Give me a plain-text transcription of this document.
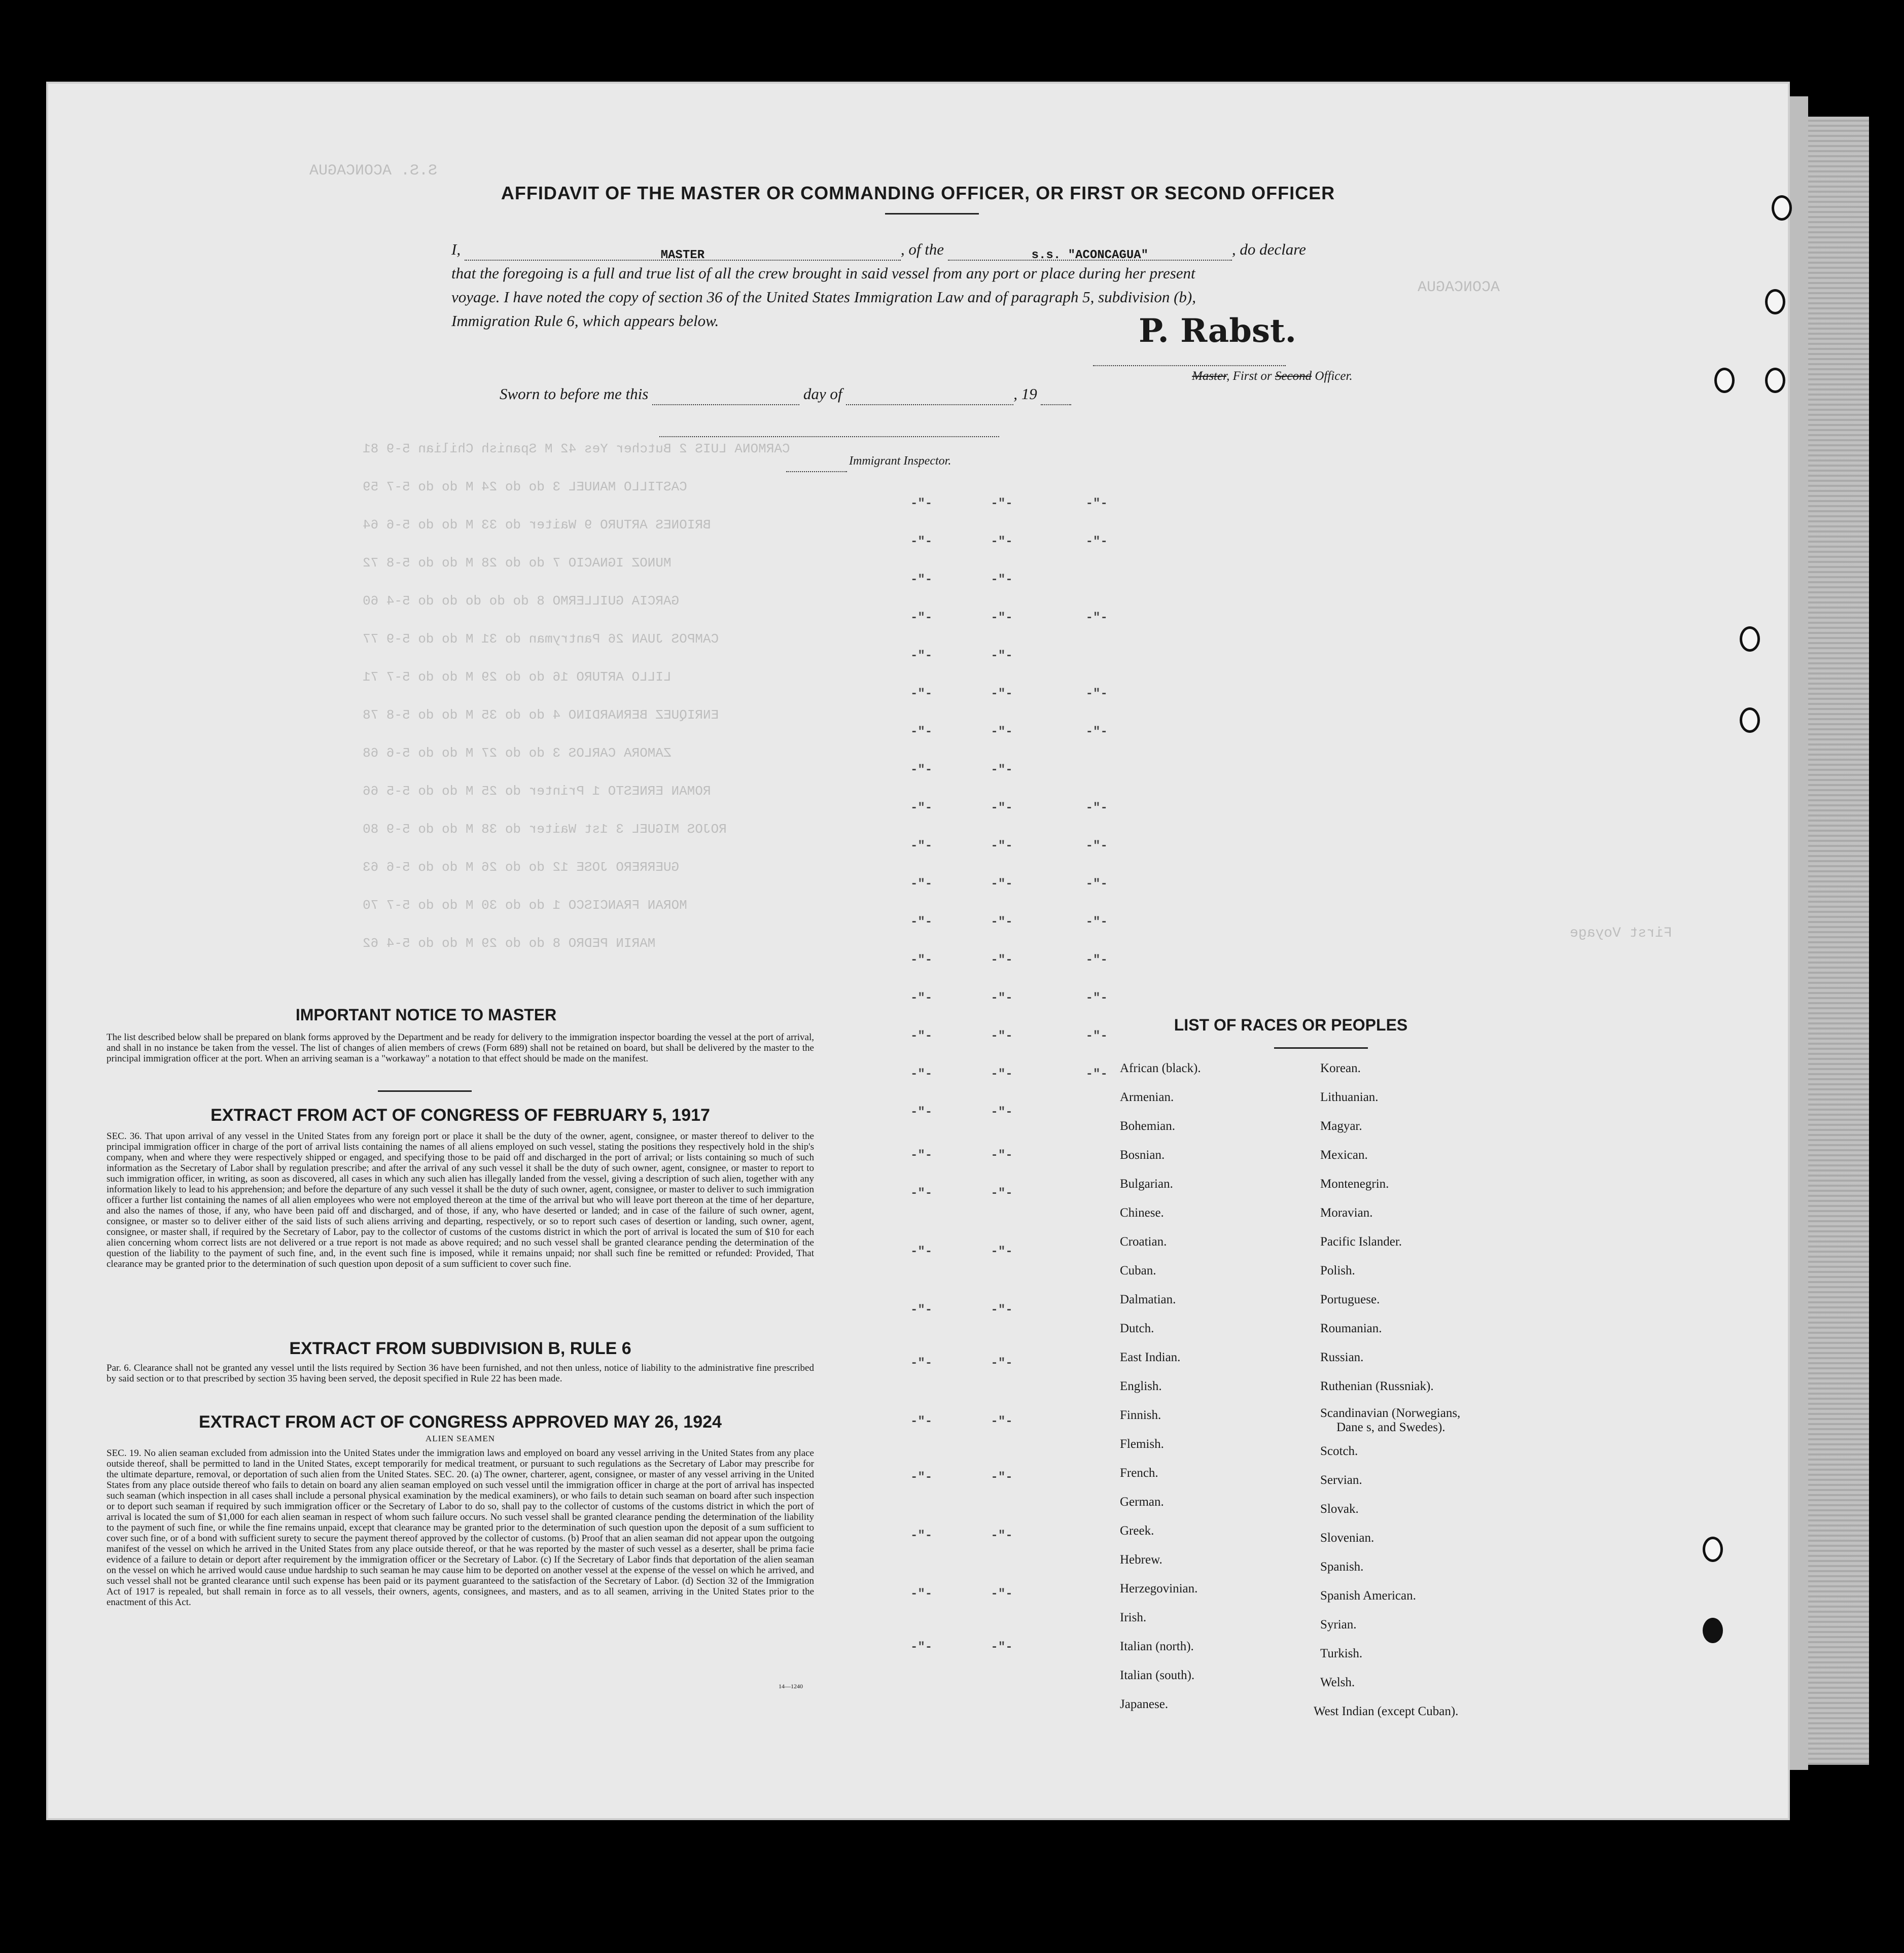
S.S. ACONCAGUA
ACONCAGUA
First Voyage
CARMONA LUIS 2 Butcher Yes 42 M Spanish Chilian 5-9 81
CASTILLO MANUEL 3 do do 24 M do do 5-7 59
BRIONES ARTURO 9 Waiter do 33 M do do 5-6 64
MUNOZ IGNACIO 7 do do 28 M do do 5-8 72
GARCIA GUILLERMO 8 do do do do do 5-4 60
CAMPOS JUAN 26 Pantryman do 31 M do do 5-9 77
LILLO ARTURO 16 do do 29 M do do 5-7 71
ENRIQUEZ BERNARDINO 4 do do 35 M do do 5-8 78
ZAMORA CARLOS 3 do do 27 M do do 5-6 68
ROMAN ERNESTO 1 Printer do 25 M do do 5-5 66
ROJOS MIGUEL 3 1st Waiter do 38 M do do 5-9 80
GUERRERO JOSE 12 do do 26 M do do 5-6 63
MORAN FRANCISCO 1 do do 30 M do do 5-7 70
MARIN PEDRO 8 do do 29 M do do 5-4 62
-"-        -"-          -"-
-"-        -"-          -"-
-"-        -"-
-"-        -"-          -"-
-"-        -"-
-"-        -"-          -"-
-"-        -"-          -"-
-"-        -"-
-"-        -"-          -"-
-"-        -"-          -"-
-"-        -"-          -"-
-"-        -"-          -"-
-"-        -"-          -"-
-"-        -"-          -"-
-"-        -"-          -"-
-"-        -"-          -"-
-"-        -"-
-"-        -"-
-"-        -"-
-"-        -"-
-"-        -"-
-"-        -"-
-"-        -"-
-"-        -"-
-"-        -"-
-"-        -"-
-"-        -"-
AFFIDAVIT OF THE MASTER OR COMMANDING OFFICER, OR FIRST OR SECOND OFFICER
I,	MASTER	, of the	s.s. "ACONCAGUA"	, do declare
that the foregoing is a full and true list of all the crew brought in said vessel from any port or place during her present
voyage. I have noted the copy of section 36 of the United States Immigration Law and of paragraph 5, subdivision (b),
Immigration Rule 6, which appears below.	P. Rabst.
Master, First or Second Officer.
Sworn to before me this	day of	, 19
Immigrant Inspector.
IMPORTANT NOTICE TO MASTER
The list described below shall be prepared on blank forms approved by the Department and be ready for delivery to the immigration inspector boarding the vessel at the port of arrival, and shall in no instance be taken from the vessel. The list of changes of alien members of crews (Form 689) shall not be retained on board, but shall be delivered by the master to the principal immigration officer at the port. When an arriving seaman is a "workaway" a notation to that effect should be made on the manifest.
EXTRACT FROM ACT OF CONGRESS OF FEBRUARY 5, 1917
SEC. 36. That upon arrival of any vessel in the United States from any foreign port or place it shall be the duty of the owner, agent, consignee, or master thereof to deliver to the principal immigration officer in charge of the port of arrival lists containing the names of all aliens employed on such vessel, stating the positions they respectively hold in the ship's company, when and where they were respectively shipped or engaged, and specifying those to be paid off and discharged in the port of arrival; or lists containing so much of such information as the Secretary of Labor shall by regulation prescribe; and after the arrival of any such vessel it shall be the duty of such owner, agent, consignee, or master to report to such immigration officer, in writing, as soon as discovered, all cases in which any such alien has illegally landed from the vessel, giving a description of such alien, together with any information likely to lead to his apprehension; and before the departure of any such vessel it shall be the duty of such owner, agent, consignee, or master to deliver to such immigration officer a further list containing the names of all alien employees who were not employed thereon at the time of the arrival but who will leave port thereon at the time of her departure, and also the names of those, if any, who have been paid off and discharged, and of those, if any, who have deserted or landed; and in case of the failure of such owner, agent, consignee, or master so to deliver either of the said lists of such aliens arriving and departing, respectively, or so to report such cases of desertion or landing, such owner, agent, consignee, or master shall, if required by the Secretary of Labor, pay to the collector of customs of the customs district in which the port of arrival is located the sum of $10 for each alien concerning whom correct lists are not delivered or a true report is not made as above required; and no such vessel shall be granted clearance pending the determination of the question of the liability to the payment of such fine, and, in the event such fine is imposed, while it remains unpaid; nor shall such fine be remitted or refunded: Provided, That clearance may be granted prior to the determination of such question upon deposit of a sum sufficient to cover such fine.
EXTRACT FROM SUBDIVISION B, RULE 6
Par. 6. Clearance shall not be granted any vessel until the lists required by Section 36 have been furnished, and not then unless, notice of liability to the administrative fine prescribed by said section or to that prescribed by section 35 having been served, the deposit specified in Rule 22 has been made.
EXTRACT FROM ACT OF CONGRESS APPROVED MAY 26, 1924
ALIEN SEAMEN
SEC. 19. No alien seaman excluded from admission into the United States under the immigration laws and employed on board any vessel arriving in the United States from any place outside thereof, shall be permitted to land in the United States, except temporarily for medical treatment, or pursuant to such regulations as the Secretary of Labor may prescribe for the ultimate departure, removal, or deportation of such alien from the United States. SEC. 20. (a) The owner, charterer, agent, consignee, or master of any vessel arriving in the United States from any place outside thereof who fails to detain on board any alien seaman employed on such vessel until the immigration officer in charge at the port of arrival has inspected such seaman (which inspection in all cases shall include a personal physical examination by the medical examiners), or who fails to detain such seaman on board after such inspection or to deport such seaman if required by such immigration officer or the Secretary of Labor to do so, shall pay to the collector of customs of the customs district in which the port of arrival is located the sum of $1,000 for each alien seaman in respect of whom such failure occurs. No such vessel shall be granted clearance pending the determination of the liability to the payment of such fine, or while the fine remains unpaid, except that clearance may be granted prior to the determination of such question upon the deposit of a sum sufficient to cover such fine, or of a bond with sufficient surety to secure the payment thereof approved by the collector of customs. (b) Proof that an alien seaman did not appear upon the outgoing manifest of the vessel on which he arrived in the United States from any place outside thereof, or that he was reported by the master of such vessel as a deserter, shall be prima facie evidence of a failure to detain or deport after requirement by the immigration officer or the Secretary of Labor. (c) If the Secretary of Labor finds that deportation of the alien seaman on the vessel on which he arrived would cause undue hardship to such seaman he may cause him to be deported on another vessel at the expense of the vessel on which he arrived, and such vessel shall not be granted clearance until such expense has been paid or its payment guaranteed to the satisfaction of the Secretary of Labor. (d) Section 32 of the Immigration Act of 1917 is repealed, but shall remain in force as to all vessels, their owners, agents, consignees, and masters, and as to all seamen, arriving in the United States prior to the enactment of this Act.
14—1240
LIST OF RACES OR PEOPLES
African (black).
Armenian.
Bohemian.
Bosnian.
Bulgarian.
Chinese.
Croatian.
Cuban.
Dalmatian.
Dutch.
East Indian.
English.
Finnish.
Flemish.
French.
German.
Greek.
Hebrew.
Herzegovinian.
Irish.
Italian (north).
Italian (south).
Japanese.
Korean.
Lithuanian.
Magyar.
Mexican.
Montenegrin.
Moravian.
Pacific Islander.
Polish.
Portuguese.
Roumanian.
Russian.
Ruthenian (Russniak).
Scandinavian (Norwegians,
Dane s, and Swedes).
Scotch.
Servian.
Slovak.
Slovenian.
Spanish.
Spanish American.
Syrian.
Turkish.
Welsh.
West Indian (except Cuban).
